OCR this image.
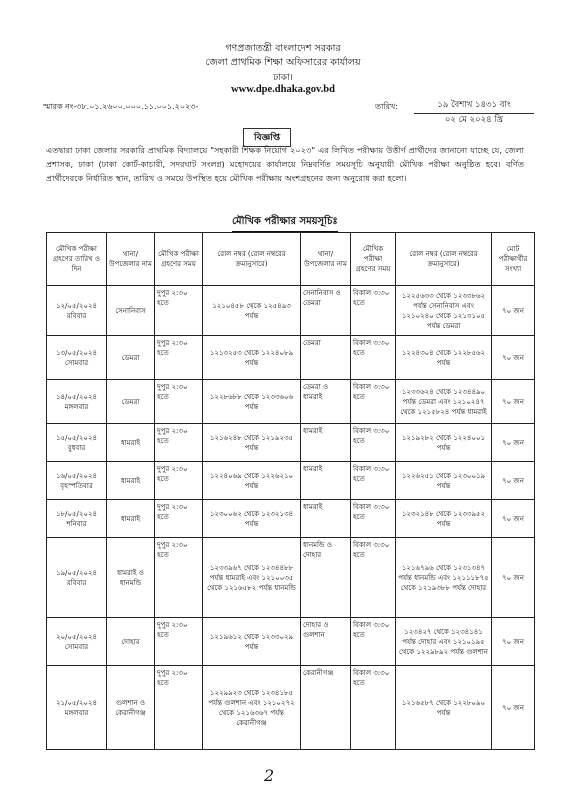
গণপ্রজাতন্ত্রী বাংলাদেশ সরকার
জেলা প্রাথমিক শিক্ষা অফিসারের কার্যালয়
ঢাকা।
www.dpe.dhaka.gov.bd
স্মারক নং-৩৮.০১.২৬০০.০০০.১১.০০১.২০২৩-	তারিখ:	১৯ বৈশাখ ১৪৩১ বাং
০২ মে ২০২৪ খ্রি
বিজ্ঞপ্তি
এতদ্বারা ঢাকা জেলার সরকারি প্রাথমিক বিদ্যালয়ে "সহকারী শিক্ষক নিয়োগ ২০২৩" এর লিখিত পরীক্ষায় উত্তীর্ণ প্রার্থীদের জানানো যাচ্ছে যে, জেলা প্রশাসক, ঢাকা (ঢাকা কোর্ট-কাচারী, সদরঘাট সংলগ্ন) মহোদয়ের কার্যালয়ে নিম্নবর্ণিত সময়সূচি অনুযায়ী মৌখিক পরীক্ষা অনুষ্ঠিত হবে। বর্ণিত প্রার্থীদেরকে নির্ধারিত স্থান, তারিখ ও সময়ে উপস্থিত হয়ে মৌখিক পরীক্ষায় অংশগ্রহনের জন্য অনুরোধ করা হলো।
মৌখিক পরীক্ষার সময়সূচিঃ
মৌখিক পরীক্ষা গ্রহণের তারিখ ও দিন	থানা/ উপজেলার নাম	মৌখিক পরীক্ষা গ্রহণের সময়	রোল নম্বর (রোল নম্বরের ক্রমানুসারে)	থানা/ উপজেলার নাম	মৌখিক পরীক্ষা গ্রহণের সময়	রোল নম্বর (রোল নম্বরের ক্রমানুসারে)	মোট পরীক্ষার্থীর সংখ্যা
১২/০৫/২০২৪ রবিবার	সেনানিবাস	দুপুর ২:৩০ হতে	১২১০৪৫৮ থেকে ১২৫৪৯৩ পর্যন্ত	সেনানিবাস ও ডেমরা	বিকাল ৩:৩০ হতে	১২২৫৬৩৩ থেকে ১২৩৩৮৬২ পর্যন্ত সেনানিবাস এবং ১২১০২৪০ থেকে ১২১৩১০৫ পর্যন্ত ডেমরা	৭০ জন
১৩/০৫/২০২৪ সোমবার	ডেমরা	দুপুর ২:৩০ হতে	১২১৩২৫৩ থেকে ১২২৪০৮৯ পর্যন্ত	ডেমরা	বিকাল ৩:৩০ হতে	১২২৪৩০৪ থেকে ১২২৮৫৬২ পর্যন্ত	৭০ জন
১৪/০৫/২০২৪ মঙ্গলবার	ডেমরা	দুপুর ২:৩০ হতে	১২২৮৬৮৮ থেকে ১২৩৩৬০৬ পর্যন্ত	ডেমরা ও ধামরাই	বিকাল ৩:৩০ হতে	১২৩৩৬২৪ থেকে ১২৩৪৪৯০ পর্যন্ত ডেমরা এবং ১২১০২৪৭ থেকে ১২১৫৮২৪ পর্যন্ত ধামরাই	৭০ জন
১৫/০৫/২০২৪ বুধবার	ধামরাই	দুপুর ২:৩০ হতে	১২১৬২৪৮ থেকে ১২১৯২৩৫ পর্যন্ত	ধামরাই	বিকাল ৩:৩০ হতে	১২১৯২৮২ থেকে ১২২৪০০১ পর্যন্ত	৭০ জন
১৬/০৫/২০২৪ বৃহস্পতিবার	ধামরাই	দুপুর ২:৩০ হতে	১২২৪০৬৯ থেকে ১২২৬২১০ পর্যন্ত	ধামরাই	বিকাল ৩:৩০ হতে	১২২৬২৫১ থেকে ১২৩০০১৯ পর্যন্ত	৭০ জন
১৮/০৫/২০২৪ শনিবার	ধামরাই	দুপুর ২:৩০ হতে	১২৩০০৬২ থেকে ১২৩২১৩৪ পর্যন্ত	ধামরাই	বিকাল ৩:৩০ হতে	১২৩২১৪৮ থেকে ১২৩৩৯৫২ পর্যন্ত	৭০ জন
১৯/০৫/২০২৪ রবিবার	ধামরাই ও ধানমন্ডি	দুপুর ২:৩০ হতে	১২৩৩৯৬৭ থেকে ১২৩৪৪৮৮ পর্যন্ত ধামরাই এবং ১২১০০৩৫ থেকে ১২১৬৫৮২ পর্যন্ত ধানমন্ডি	ধানমন্ডি ও দোহার	বিকাল ৩:৩০ হতে	১২১৬৭৯৬ থেকে ১২৩১৩৪৭ পর্যন্ত ধানমন্ডি এবং ১২১১১৮৭৫ থেকে ১২১৯৩৮৮ পর্যন্ত দোহার	৭০ জন
২০/০৫/২০২৪ সোমবার	দোহার	দুপুর ২:৩০ হতে	১২১৯৬১২ থেকে ১২৩৩০২৯ পর্যন্ত	দোহার ও গুলশান	বিকাল ৩:৩০ হতে	১২৩৪২৭ থেকে ১২৩৪১৪১ পর্যন্ত দোহার এবং ১২১০১৯৫ থেকে ১২২৯৮৯২ পর্যন্ত গুলশান	৭০ জন
২১/০৫/২০২৪ মঙ্গলবার	গুলশান ও কেরানীগঞ্জ	দুপুর ২:৩০ হতে	১২২৯৯২৩ থেকে ১২৩৪১৮৫ পর্যন্ত গুলশান এবং ১২১০২৭২ থেকে ১২১৬৩৬৭ পর্যন্ত কেরানীগঞ্জ	কেরানীগঞ্জ	বিকাল ৩:৩০ হতে	১২১৬৫৮৭ থেকে ১২২৮০৯০ পর্যন্ত	৭০ জন
2
